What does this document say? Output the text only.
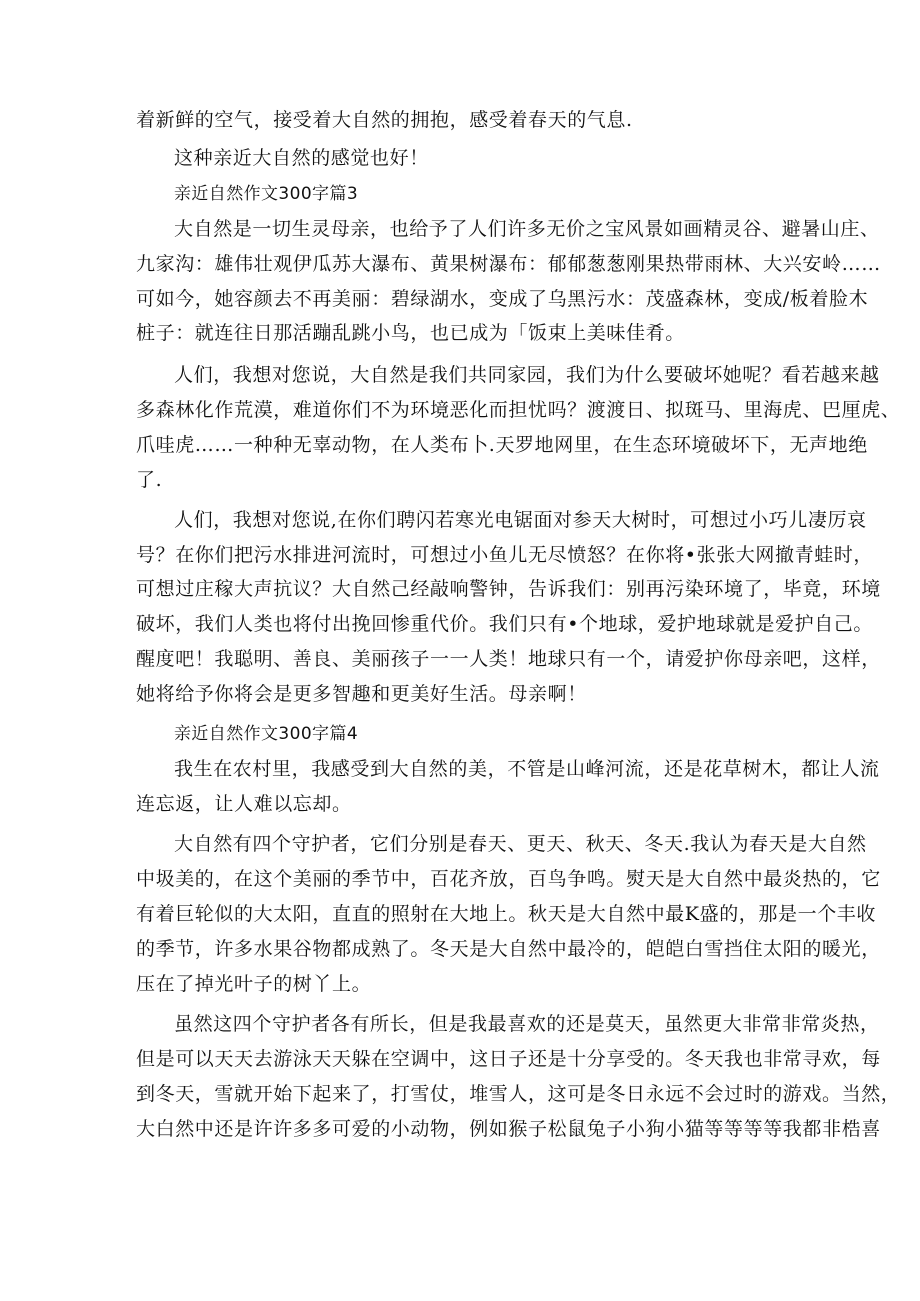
着新鲜的空气，接受着大自然的拥抱，感受着春天的气息.
这种亲近大自然的感觉也好！
亲近自然作文300字篇3
大自然是一切生灵母亲，也给予了人们许多无价之宝风景如画精灵谷、避暑山庄、
九家沟：雄伟壮观伊瓜苏大瀑布、黄果树瀑布：郁郁葱葱刚果热带雨林、大兴安岭……
可如今，她容颜去不再美丽：碧绿湖水，变成了乌黑污水：茂盛森林，变成/板着脸木
桩子：就连往日那活蹦乱跳小鸟，也已成为「饭束上美味佳肴。
人们，我想对您说，大自然是我们共同家园，我们为什么要破坏她呢？看若越来越
多森林化作荒漠，难道你们不为环境恶化而担忧吗？渡渡日、拟斑马、里海虎、巴厘虎、
爪哇虎……一种种无辜动物，在人类布卜.天罗地网里，在生态环境破坏下，无声地绝
了.
人们，我想对您说,在你们聘闪若寒光电锯面对参天大树时，可想过小巧儿凄厉哀
号？在你们把污水排进河流时，可想过小鱼儿无尽愤怒？在你将•张张大网撤青蛙时，
可想过庄稼大声抗议？大自然己经敲响警钟，告诉我们：别再污染环境了，毕竟，环境
破坏，我们人类也将付出挽回惨重代价。我们只有•个地球，爱护地球就是爱护自己。
醒度吧！我聪明、善良、美丽孩子一一人类！地球只有一个，请爱护你母亲吧，这样，
她将给予你将会是更多智趣和更美好生活。母亲啊！
亲近自然作文300字篇4
我生在农村里，我感受到大自然的美，不管是山峰河流，还是花草树木，都让人流
连忘返，让人难以忘却。
大自然有四个守护者，它们分别是春天、更天、秋天、冬天.我认为春天是大自然
中圾美的，在这个美丽的季节中，百花齐放，百鸟争鸣。熨天是大自然中最炎热的，它
有着巨轮似的大太阳，直直的照射在大地上。秋天是大自然中最K盛的，那是一个丰收
的季节，许多水果谷物都成熟了。冬天是大自然中最冷的，皑皑白雪挡住太阳的暖光，
压在了掉光叶子的树丫上。
虽然这四个守护者各有所长，但是我最喜欢的还是莫天，虽然更大非常非常炎热，
但是可以天天去游泳天天躲在空调中，这日子还是十分享受的。冬天我也非常寻欢，每
到冬天，雪就开始下起来了，打雪仗，堆雪人，这可是冬日永远不会过时的游戏。当然，
大白然中还是许许多多可爱的小动物，例如猴子松鼠兔子小狗小猫等等等等我都非梏喜
